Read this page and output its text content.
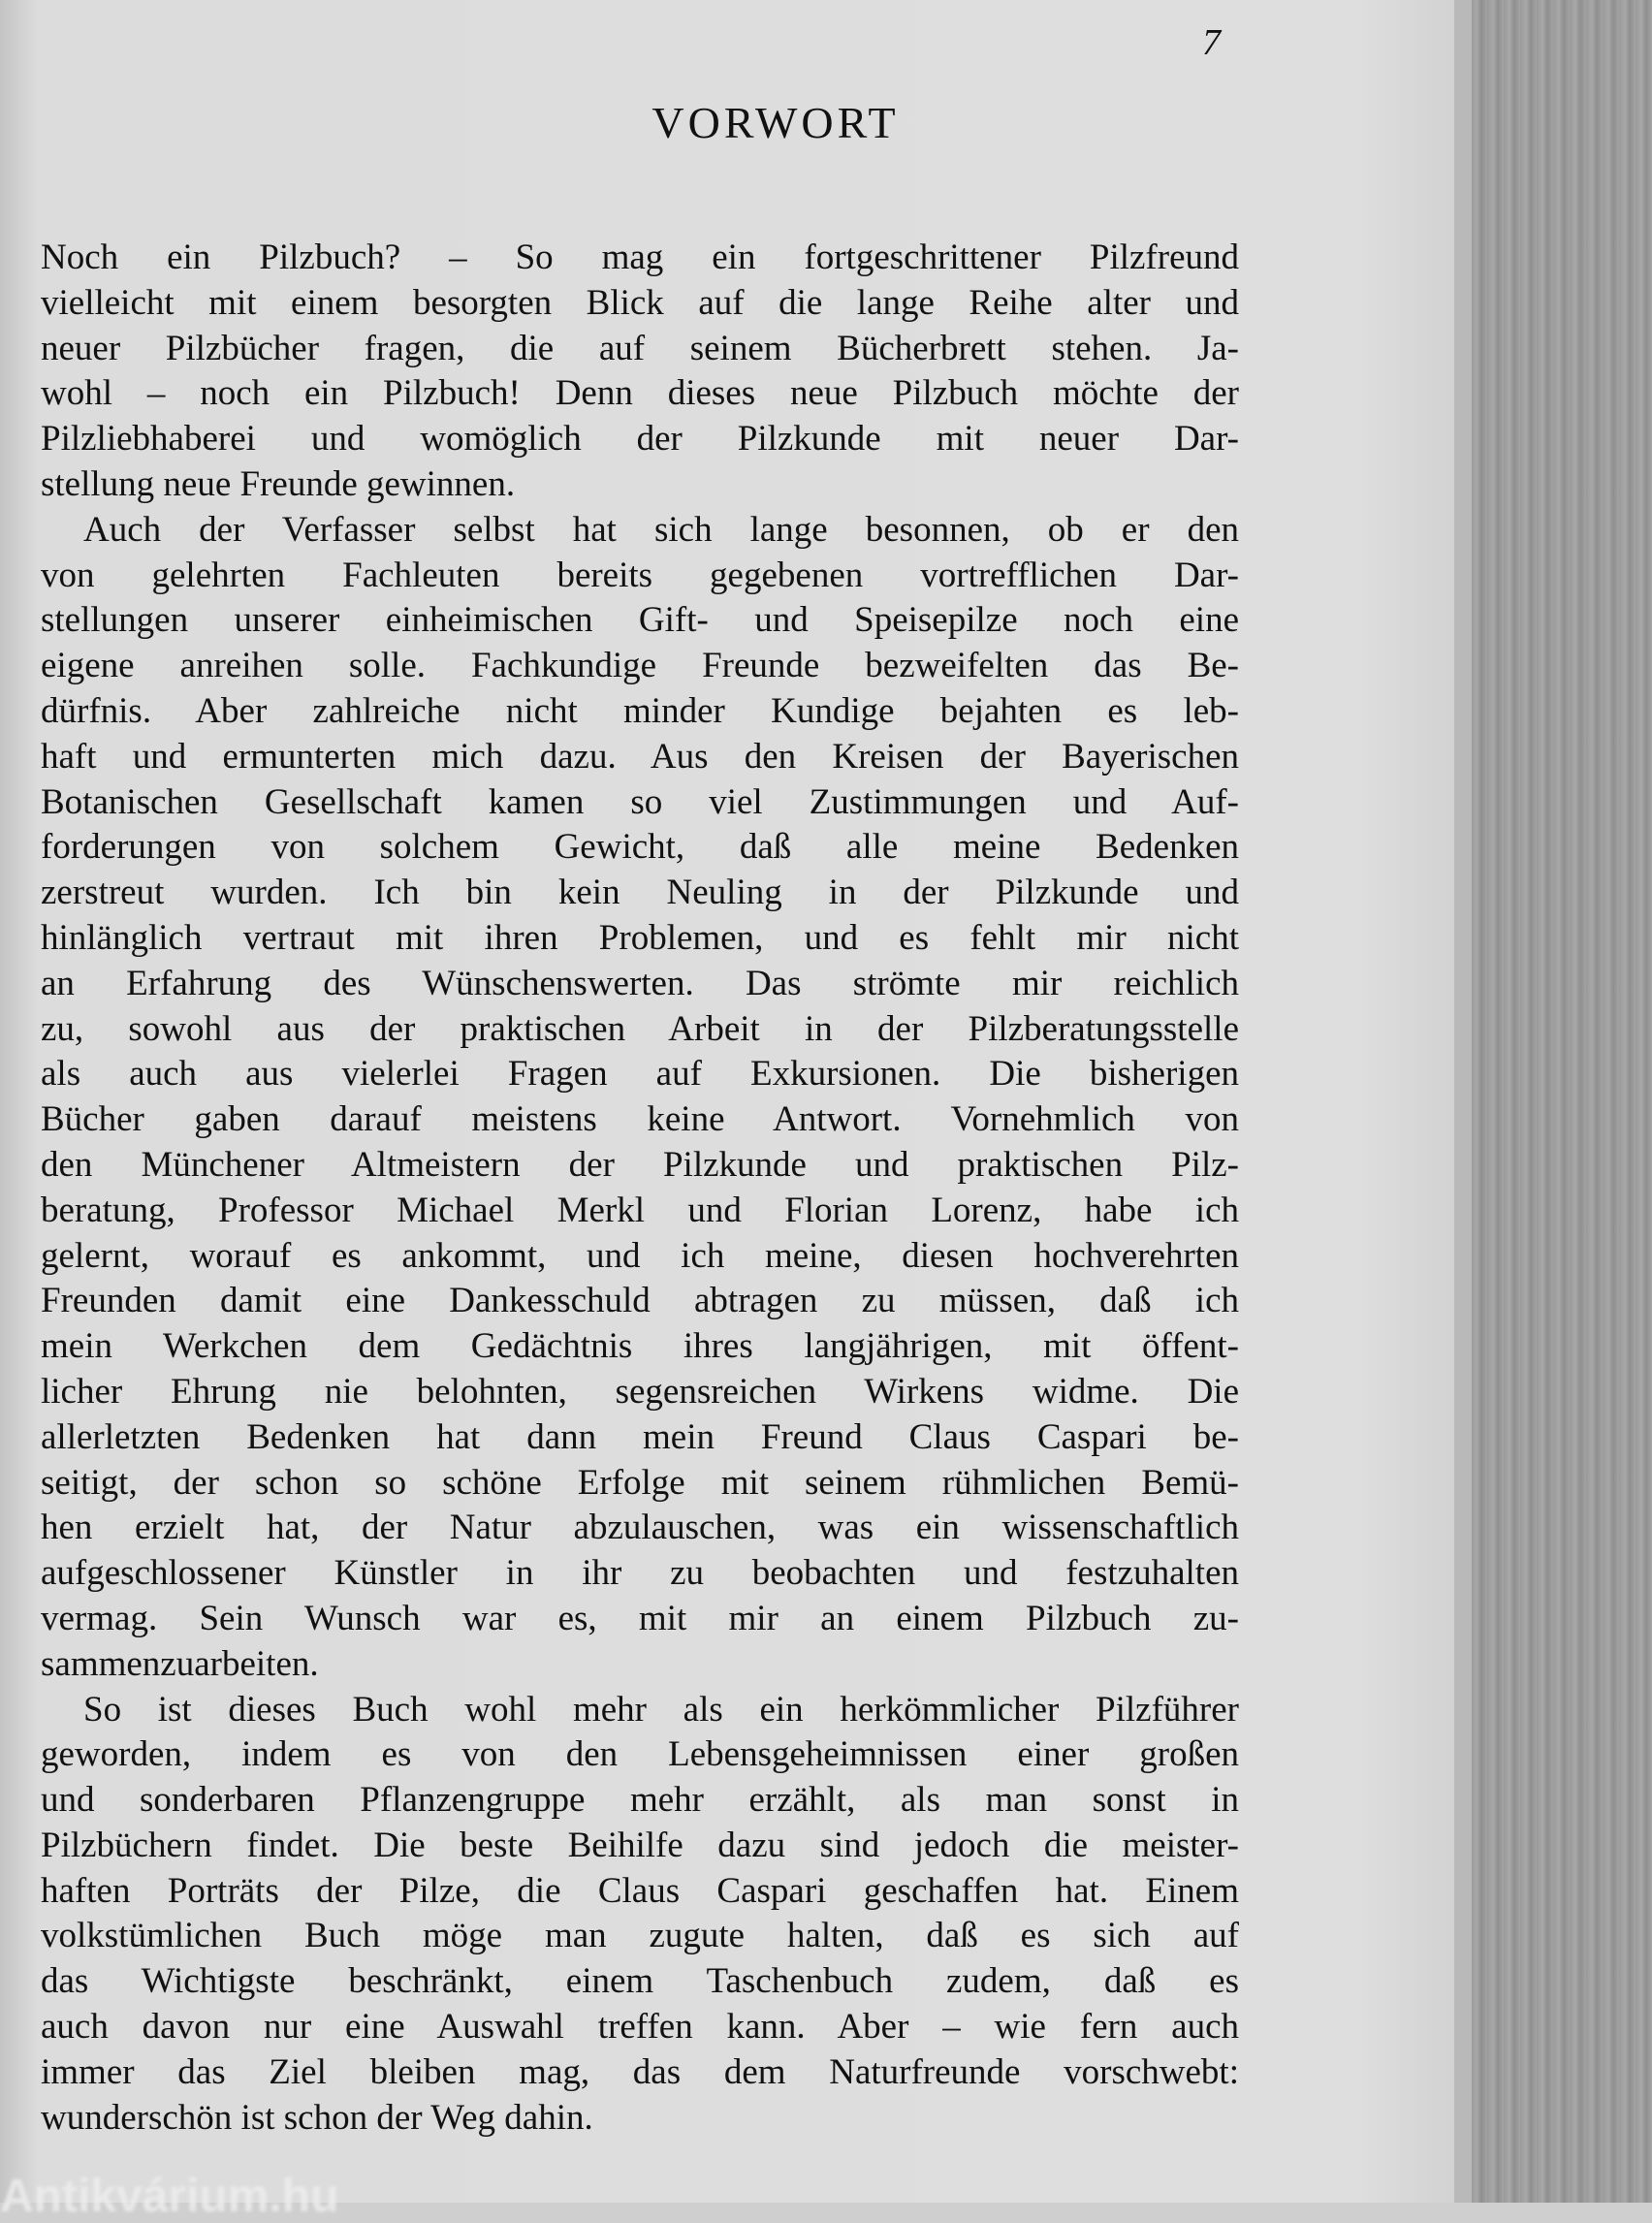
7
VORWORT
Noch ein Pilzbuch? – So mag ein fortgeschrittener Pilzfreund
vielleicht mit einem besorgten Blick auf die lange Reihe alter und
neuer Pilzbücher fragen, die auf seinem Bücherbrett stehen. Ja-
wohl – noch ein Pilzbuch! Denn dieses neue Pilzbuch möchte der
Pilzliebhaberei und womöglich der Pilzkunde mit neuer Dar-
stellung neue Freunde gewinnen.
Auch der Verfasser selbst hat sich lange besonnen, ob er den
von gelehrten Fachleuten bereits gegebenen vortrefflichen Dar-
stellungen unserer einheimischen Gift- und Speisepilze noch eine
eigene anreihen solle. Fachkundige Freunde bezweifelten das Be-
dürfnis. Aber zahlreiche nicht minder Kundige bejahten es leb-
haft und ermunterten mich dazu. Aus den Kreisen der Bayerischen
Botanischen Gesellschaft kamen so viel Zustimmungen und Auf-
forderungen von solchem Gewicht, daß alle meine Bedenken
zerstreut wurden. Ich bin kein Neuling in der Pilzkunde und
hinlänglich vertraut mit ihren Problemen, und es fehlt mir nicht
an Erfahrung des Wünschenswerten. Das strömte mir reichlich
zu, sowohl aus der praktischen Arbeit in der Pilzberatungsstelle
als auch aus vielerlei Fragen auf Exkursionen. Die bisherigen
Bücher gaben darauf meistens keine Antwort. Vornehmlich von
den Münchener Altmeistern der Pilzkunde und praktischen Pilz-
beratung, Professor Michael Merkl und Florian Lorenz, habe ich
gelernt, worauf es ankommt, und ich meine, diesen hochverehrten
Freunden damit eine Dankesschuld abtragen zu müssen, daß ich
mein Werkchen dem Gedächtnis ihres langjährigen, mit öffent-
licher Ehrung nie belohnten, segensreichen Wirkens widme. Die
allerletzten Bedenken hat dann mein Freund Claus Caspari be-
seitigt, der schon so schöne Erfolge mit seinem rühmlichen Bemü-
hen erzielt hat, der Natur abzulauschen, was ein wissenschaftlich
aufgeschlossener Künstler in ihr zu beobachten und festzuhalten
vermag. Sein Wunsch war es, mit mir an einem Pilzbuch zu-
sammenzuarbeiten.
So ist dieses Buch wohl mehr als ein herkömmlicher Pilzführer
geworden, indem es von den Lebensgeheimnissen einer großen
und sonderbaren Pflanzengruppe mehr erzählt, als man sonst in
Pilzbüchern findet. Die beste Beihilfe dazu sind jedoch die meister-
haften Porträts der Pilze, die Claus Caspari geschaffen hat. Einem
volkstümlichen Buch möge man zugute halten, daß es sich auf
das Wichtigste beschränkt, einem Taschenbuch zudem, daß es
auch davon nur eine Auswahl treffen kann. Aber – wie fern auch
immer das Ziel bleiben mag, das dem Naturfreunde vorschwebt:
wunderschön ist schon der Weg dahin.
Antikvárium.hu
